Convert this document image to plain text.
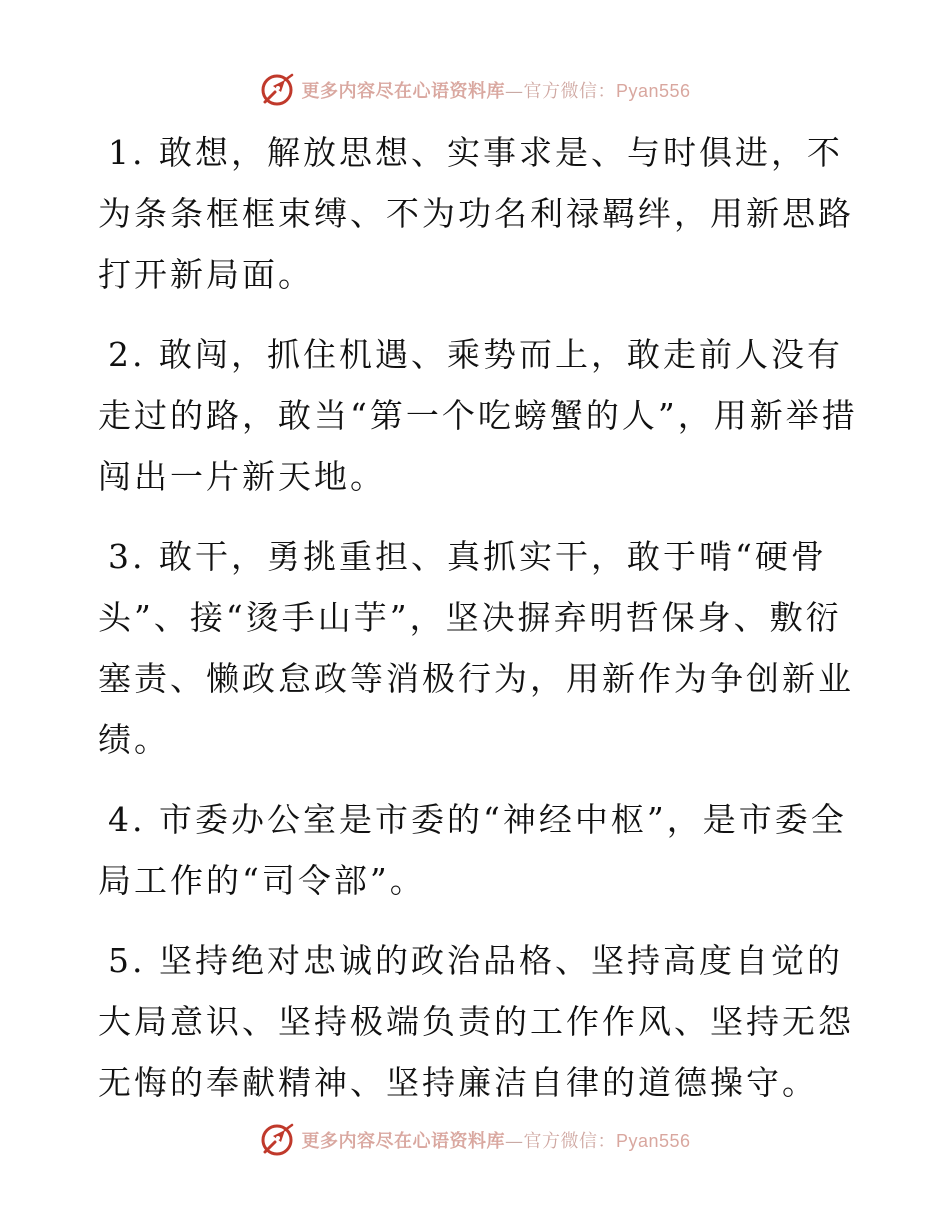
更多内容尽在心语资料库—官方微信：Pyan556

1. 敢想，解放思想、实事求是、与时俱进，不为条条框框束缚、不为功名利禄羁绊，用新思路打开新局面。

2. 敢闯，抓住机遇、乘势而上，敢走前人没有走过的路，敢当“第一个吃螃蟹的人”，用新举措闯出一片新天地。

3. 敢干，勇挑重担、真抓实干，敢于啃“硬骨头”、接“烫手山芋”，坚决摒弃明哲保身、敷衍塞责、懒政怠政等消极行为，用新作为争创新业绩。

4. 市委办公室是市委的“神经中枢”，是市委全局工作的“司令部”。

5. 坚持绝对忠诚的政治品格、坚持高度自觉的大局意识、坚持极端负责的工作作风、坚持无怨无悔的奉献精神、坚持廉洁自律的道德操守。

更多内容尽在心语资料库—官方微信：Pyan556
